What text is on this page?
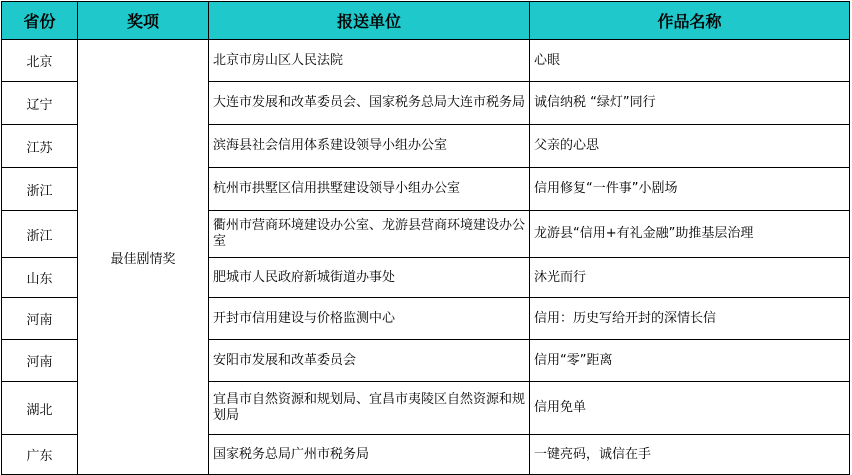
省份	奖项	报送单位	作品名称
北京	最佳剧情奖	北京市房山区人民法院	心眼
辽宁		大连市发展和改革委员会、国家税务总局大连市税务局	诚信纳税 “绿灯”同行
江苏		滨海县社会信用体系建设领导小组办公室	父亲的心思
浙江		杭州市拱墅区信用拱墅建设领导小组办公室	信用修复“一件事”小剧场
浙江		衢州市营商环境建设办公室、龙游县营商环境建设办公室	龙游县“信用+有礼金融”助推基层治理
山东		肥城市人民政府新城街道办事处	沐光而行
河南		开封市信用建设与价格监测中心	信用：历史写给开封的深情长信
河南		安阳市发展和改革委员会	信用“零”距离
湖北		宜昌市自然资源和规划局、宜昌市夷陵区自然资源和规划局	信用免单
广东		国家税务总局广州市税务局	一键亮码，诚信在手
